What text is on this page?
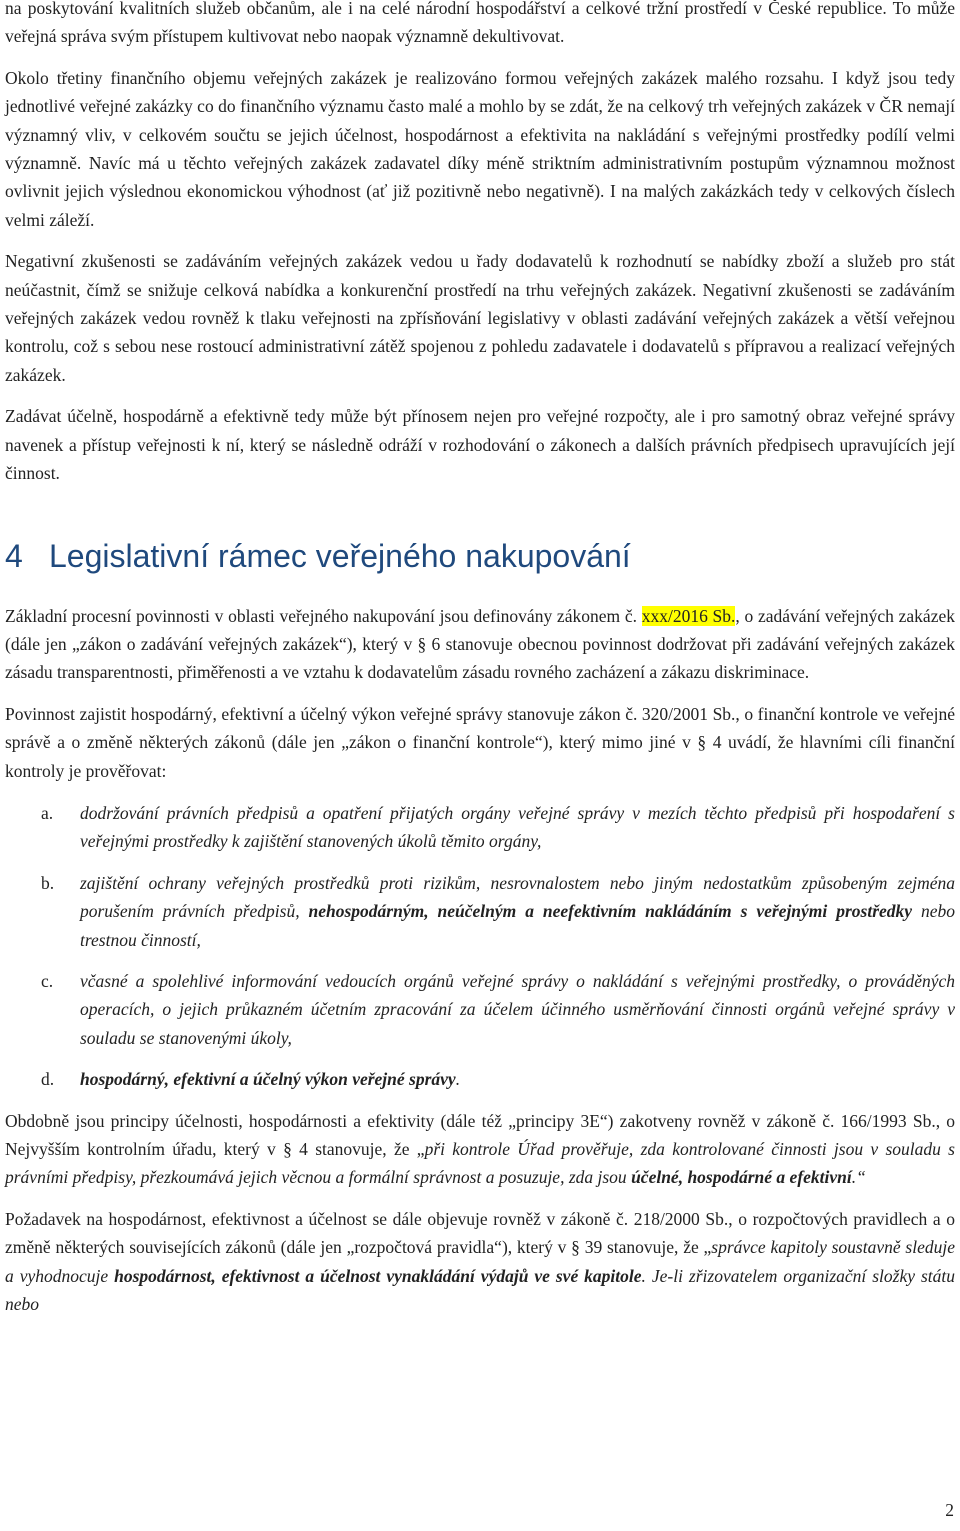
na poskytování kvalitních služeb občanům, ale i na celé národní hospodářství a celkové tržní prostředí v České republice. To může veřejná správa svým přístupem kultivovat nebo naopak významně dekultivovat.

Okolo třetiny finančního objemu veřejných zakázek je realizováno formou veřejných zakázek malého rozsahu. I když jsou tedy jednotlivé veřejné zakázky co do finančního významu často malé a mohlo by se zdát, že na celkový trh veřejných zakázek v ČR nemají významný vliv, v celkovém součtu se jejich účelnost, hospodárnost a efektivita na nakládání s veřejnými prostředky podílí velmi významně. Navíc má u těchto veřejných zakázek zadavatel díky méně striktním administrativním postupům významnou možnost ovlivnit jejich výslednou ekonomickou výhodnost (ať již pozitivně nebo negativně). I na malých zakázkách tedy v celkových číslech velmi záleží.

Negativní zkušenosti se zadáváním veřejných zakázek vedou u řady dodavatelů k rozhodnutí se nabídky zboží a služeb pro stát neúčastnit, čímž se snižuje celková nabídka a konkurenční prostředí na trhu veřejných zakázek. Negativní zkušenosti se zadáváním veřejných zakázek vedou rovněž k tlaku veřejnosti na zpřísňování legislativy v oblasti zadávání veřejných zakázek a větší veřejnou kontrolu, což s sebou nese rostoucí administrativní zátěž spojenou z pohledu zadavatele i dodavatelů s přípravou a realizací veřejných zakázek.

Zadávat účelně, hospodárně a efektivně tedy může být přínosem nejen pro veřejné rozpočty, ale i pro samotný obraz veřejné správy navenek a přístup veřejnosti k ní, který se následně odráží v rozhodování o zákonech a dalších právních předpisech upravujících její činnost.

4 Legislativní rámec veřejného nakupování

Základní procesní povinnosti v oblasti veřejného nakupování jsou definovány zákonem č. xxx/2016 Sb., o zadávání veřejných zakázek (dále jen „zákon o zadávání veřejných zakázek“), který v § 6 stanovuje obecnou povinnost dodržovat při zadávání veřejných zakázek zásadu transparentnosti, přiměřenosti a ve vztahu k dodavatelům zásadu rovného zacházení a zákazu diskriminace.

Povinnost zajistit hospodárný, efektivní a účelný výkon veřejné správy stanovuje zákon č. 320/2001 Sb., o finanční kontrole ve veřejné správě a o změně některých zákonů (dále jen „zákon o finanční kontrole“), který mimo jiné v § 4 uvádí, že hlavními cíli finanční kontroly je prověřovat:

a. dodržování právních předpisů a opatření přijatých orgány veřejné správy v mezích těchto předpisů při hospodaření s veřejnými prostředky k zajištění stanovených úkolů těmito orgány,
b. zajištění ochrany veřejných prostředků proti rizikům, nesrovnalostem nebo jiným nedostatkům způsobeným zejména porušením právních předpisů, nehospodárným, neúčelným a neefektivním nakládáním s veřejnými prostředky nebo trestnou činností,
c. včasné a spolehlivé informování vedoucích orgánů veřejné správy o nakládání s veřejnými prostředky, o prováděných operacích, o jejich průkazném účetním zpracování za účelem účinného usměrňování činnosti orgánů veřejné správy v souladu se stanovenými úkoly,
d. hospodárný, efektivní a účelný výkon veřejné správy.

Obdobně jsou principy účelnosti, hospodárnosti a efektivity (dále též „principy 3E“) zakotveny rovněž v zákoně č. 166/1993 Sb., o Nejvyšším kontrolním úřadu, který v § 4 stanovuje, že „při kontrole Úřad prověřuje, zda kontrolované činnosti jsou v souladu s právními předpisy, přezkoumává jejich věcnou a formální správnost a posuzuje, zda jsou účelné, hospodárné a efektivní.“

Požadavek na hospodárnost, efektivnost a účelnost se dále objevuje rovněž v zákoně č. 218/2000 Sb., o rozpočtových pravidlech a o změně některých souvisejících zákonů (dále jen „rozpočtová pravidla“), který v § 39 stanovuje, že „správce kapitoly soustavně sleduje a vyhodnocuje hospodárnost, efektivnost a účelnost vynakládání výdajů ve své kapitole. Je-li zřizovatelem organizační složky státu nebo

2
